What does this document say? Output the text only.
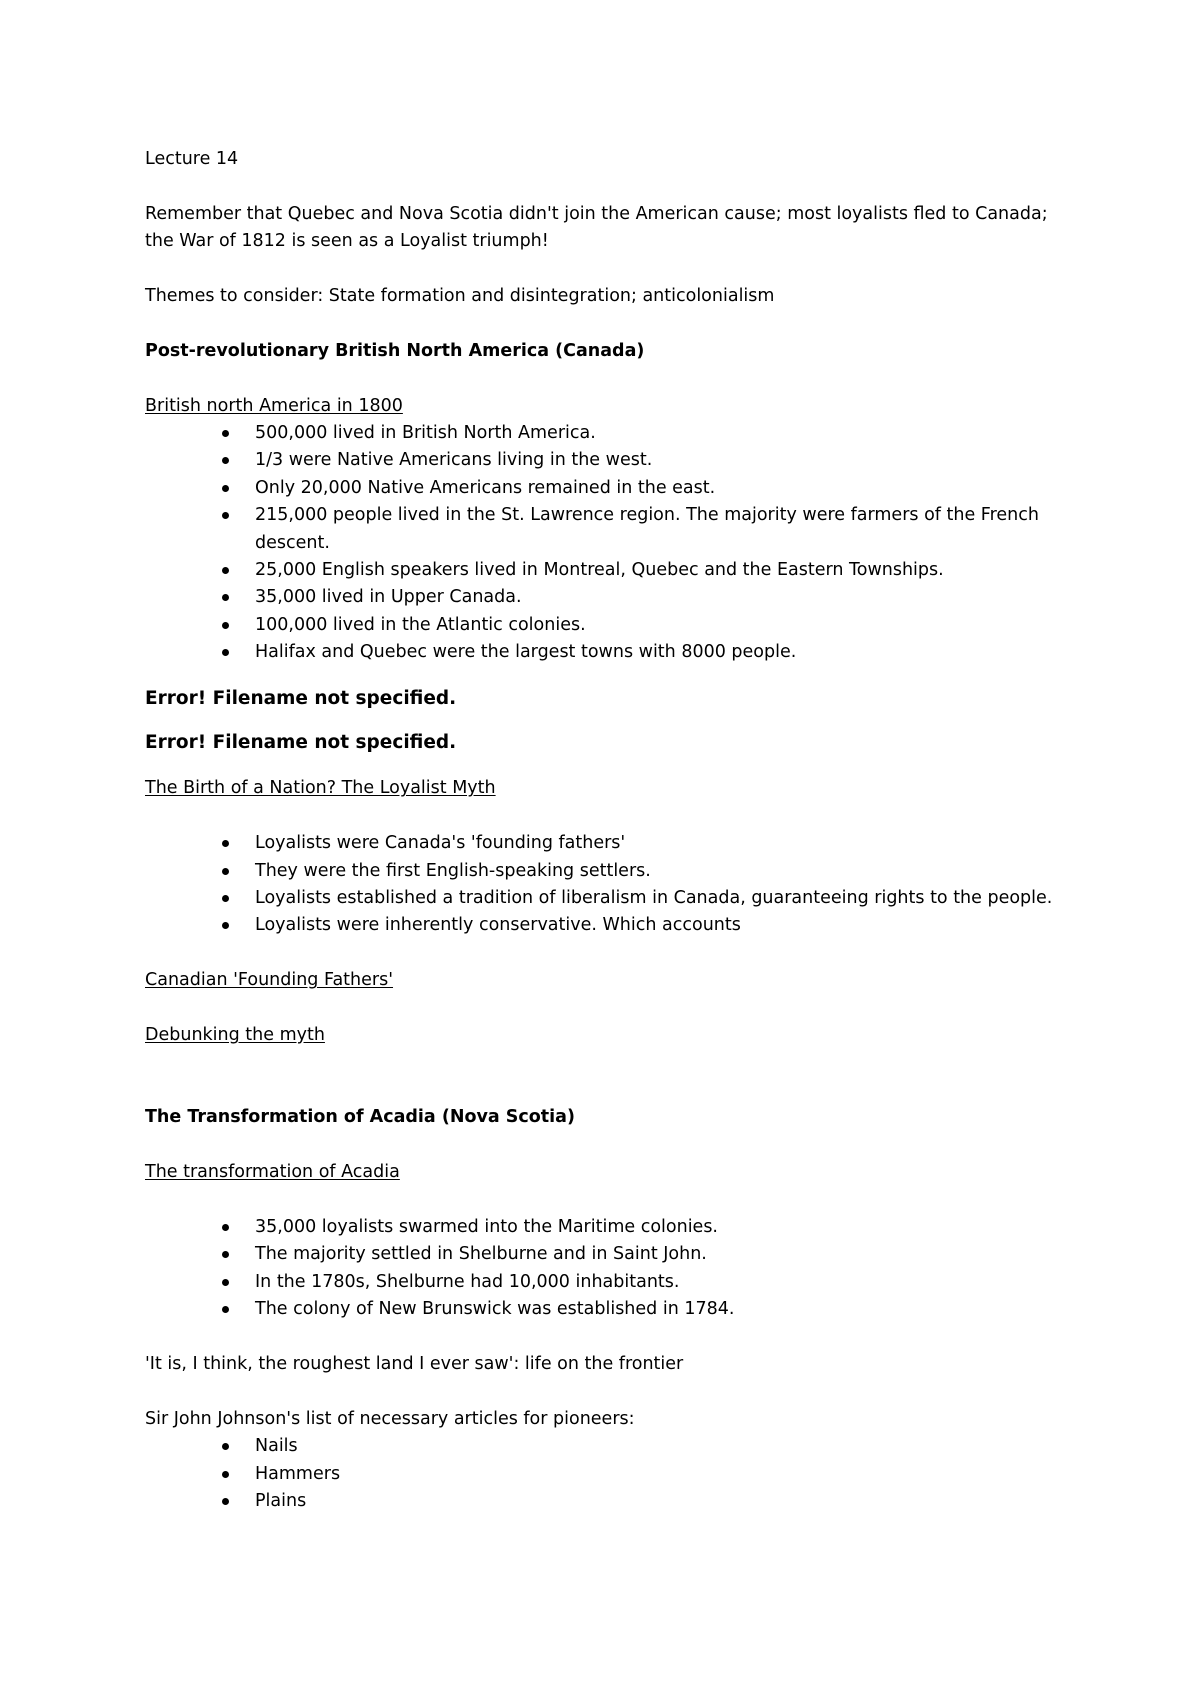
Lecture 14

Remember that Quebec and Nova Scotia didn't join the American cause; most loyalists fled to Canada; the War of 1812 is seen as a Loyalist triumph!

Themes to consider: State formation and disintegration; anticolonialism

Post-revolutionary British North America (Canada)

British north America in 1800

500,000 lived in British North America.
1/3 were Native Americans living in the west.
Only 20,000 Native Americans remained in the east.
215,000 people lived in the St. Lawrence region. The majority were farmers of the French descent.
25,000 English speakers lived in Montreal, Quebec and the Eastern Townships.
35,000 lived in Upper Canada.
100,000 lived in the Atlantic colonies.
Halifax and Quebec were the largest towns with 8000 people.

Error! Filename not specified.

Error! Filename not specified.

The Birth of a Nation? The Loyalist Myth

Loyalists were Canada's 'founding fathers'
They were the first English-speaking settlers.
Loyalists established a tradition of liberalism in Canada, guaranteeing rights to the people.
Loyalists were inherently conservative. Which accounts

Canadian 'Founding Fathers'

Debunking the myth

The Transformation of Acadia (Nova Scotia)

The transformation of Acadia

35,000 loyalists swarmed into the Maritime colonies.
The majority settled in Shelburne and in Saint John.
In the 1780s, Shelburne had 10,000 inhabitants.
The colony of New Brunswick was established in 1784.

'It is, I think, the roughest land I ever saw': life on the frontier

Sir John Johnson's list of necessary articles for pioneers:

Nails
Hammers
Plains
